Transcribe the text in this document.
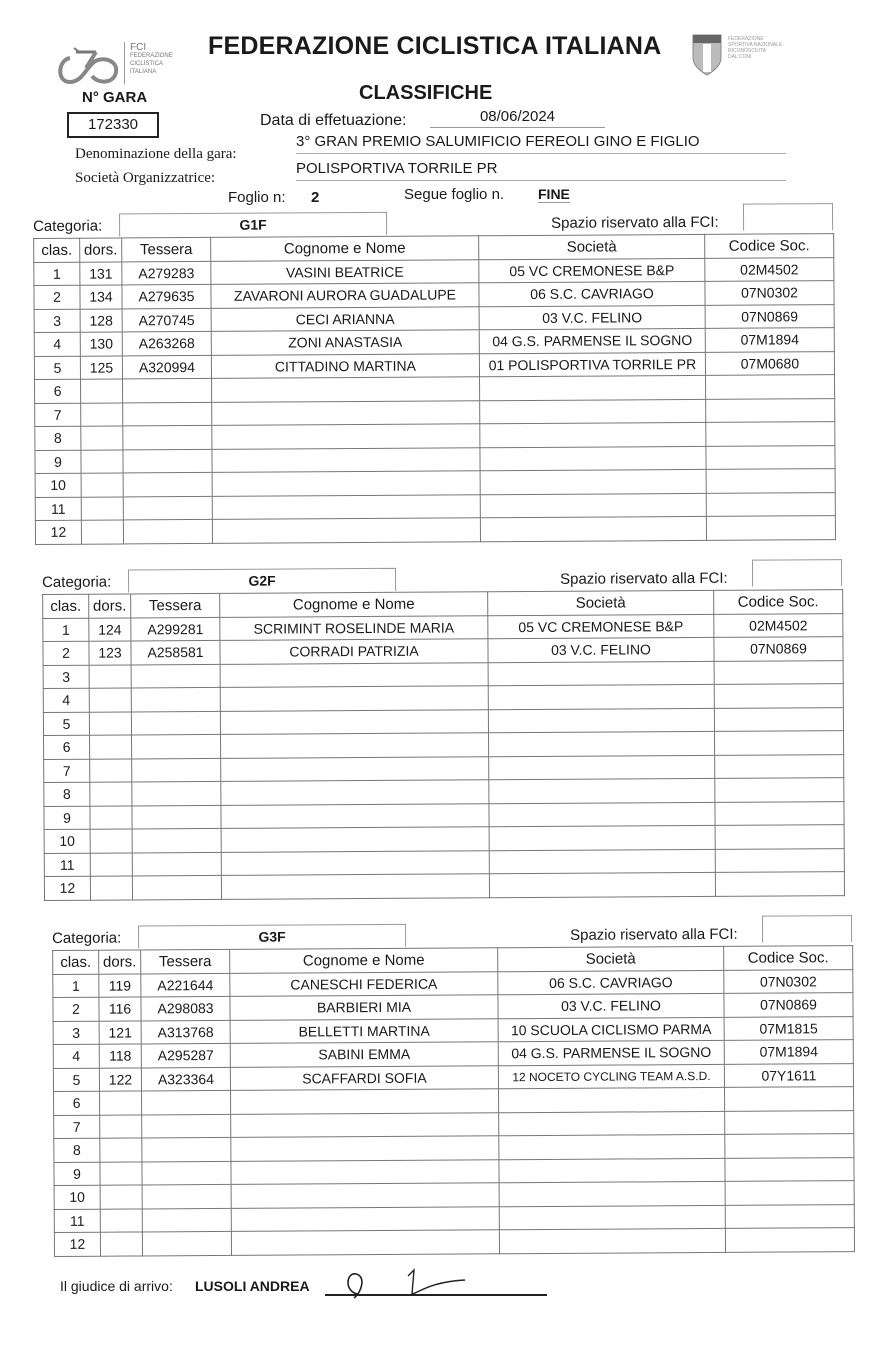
FCI
FEDERAZIONE
CICLISTICA
ITALIANA
FEDERAZIONE CICLISTICA ITALIANA	FEDERAZIONE
SPORTIVA NAZIONALE
RICONOSCIUTA
DAL CONI
CLASSIFICHE
N° GARA
172330	Data di effetuazione:	08/06/2024
Denominazione della gara:
3° GRAN PREMIO SALUMIFICIO FEREOLI GINO E FIGLIO
Società Organizzatrice:
POLISPORTIVA TORRILE PR
Foglio n: 2	Segue foglio n. FINE
Categoria:	G1F	Spazio riservato alla FCI:
clas.	dors.	Tessera	Cognome e Nome	Società	Codice Soc.
1	131	A279283	VASINI BEATRICE	05 VC CREMONESE B&P	02M4502
2	134	A279635	ZAVARONI AURORA GUADALUPE	06 S.C. CAVRIAGO	07N0302
3	128	A270745	CECI ARIANNA	03 V.C. FELINO	07N0869
4	130	A263268	ZONI ANASTASIA	04 G.S. PARMENSE IL SOGNO	07M1894
5	125	A320994	CITTADINO MARTINA	01 POLISPORTIVA TORRILE PR	07M0680
6					
7					
8					
9					
10					
11					
12					
Categoria:	G2F	Spazio riservato alla FCI:
clas.	dors.	Tessera	Cognome e Nome	Società	Codice Soc.
1	124	A299281	SCRIMINT ROSELINDE MARIA	05 VC CREMONESE B&P	02M4502
2	123	A258581	CORRADI PATRIZIA	03 V.C. FELINO	07N0869
3					
4					
5					
6					
7					
8					
9					
10					
11					
12					
Categoria:	G3F	Spazio riservato alla FCI:
clas.	dors.	Tessera	Cognome e Nome	Società	Codice Soc.
1	119	A221644	CANESCHI FEDERICA	06 S.C. CAVRIAGO	07N0302
2	116	A298083	BARBIERI MIA	03 V.C. FELINO	07N0869
3	121	A313768	BELLETTI MARTINA	10 SCUOLA CICLISMO PARMA	07M1815
4	118	A295287	SABINI EMMA	04 G.S. PARMENSE IL SOGNO	07M1894
5	122	A323364	SCAFFARDI SOFIA	12 NOCETO CYCLING TEAM A.S.D.	07Y1611
6					
7					
8					
9					
10					
11					
12					
Il giudice di arrivo: LUSOLI ANDREA
